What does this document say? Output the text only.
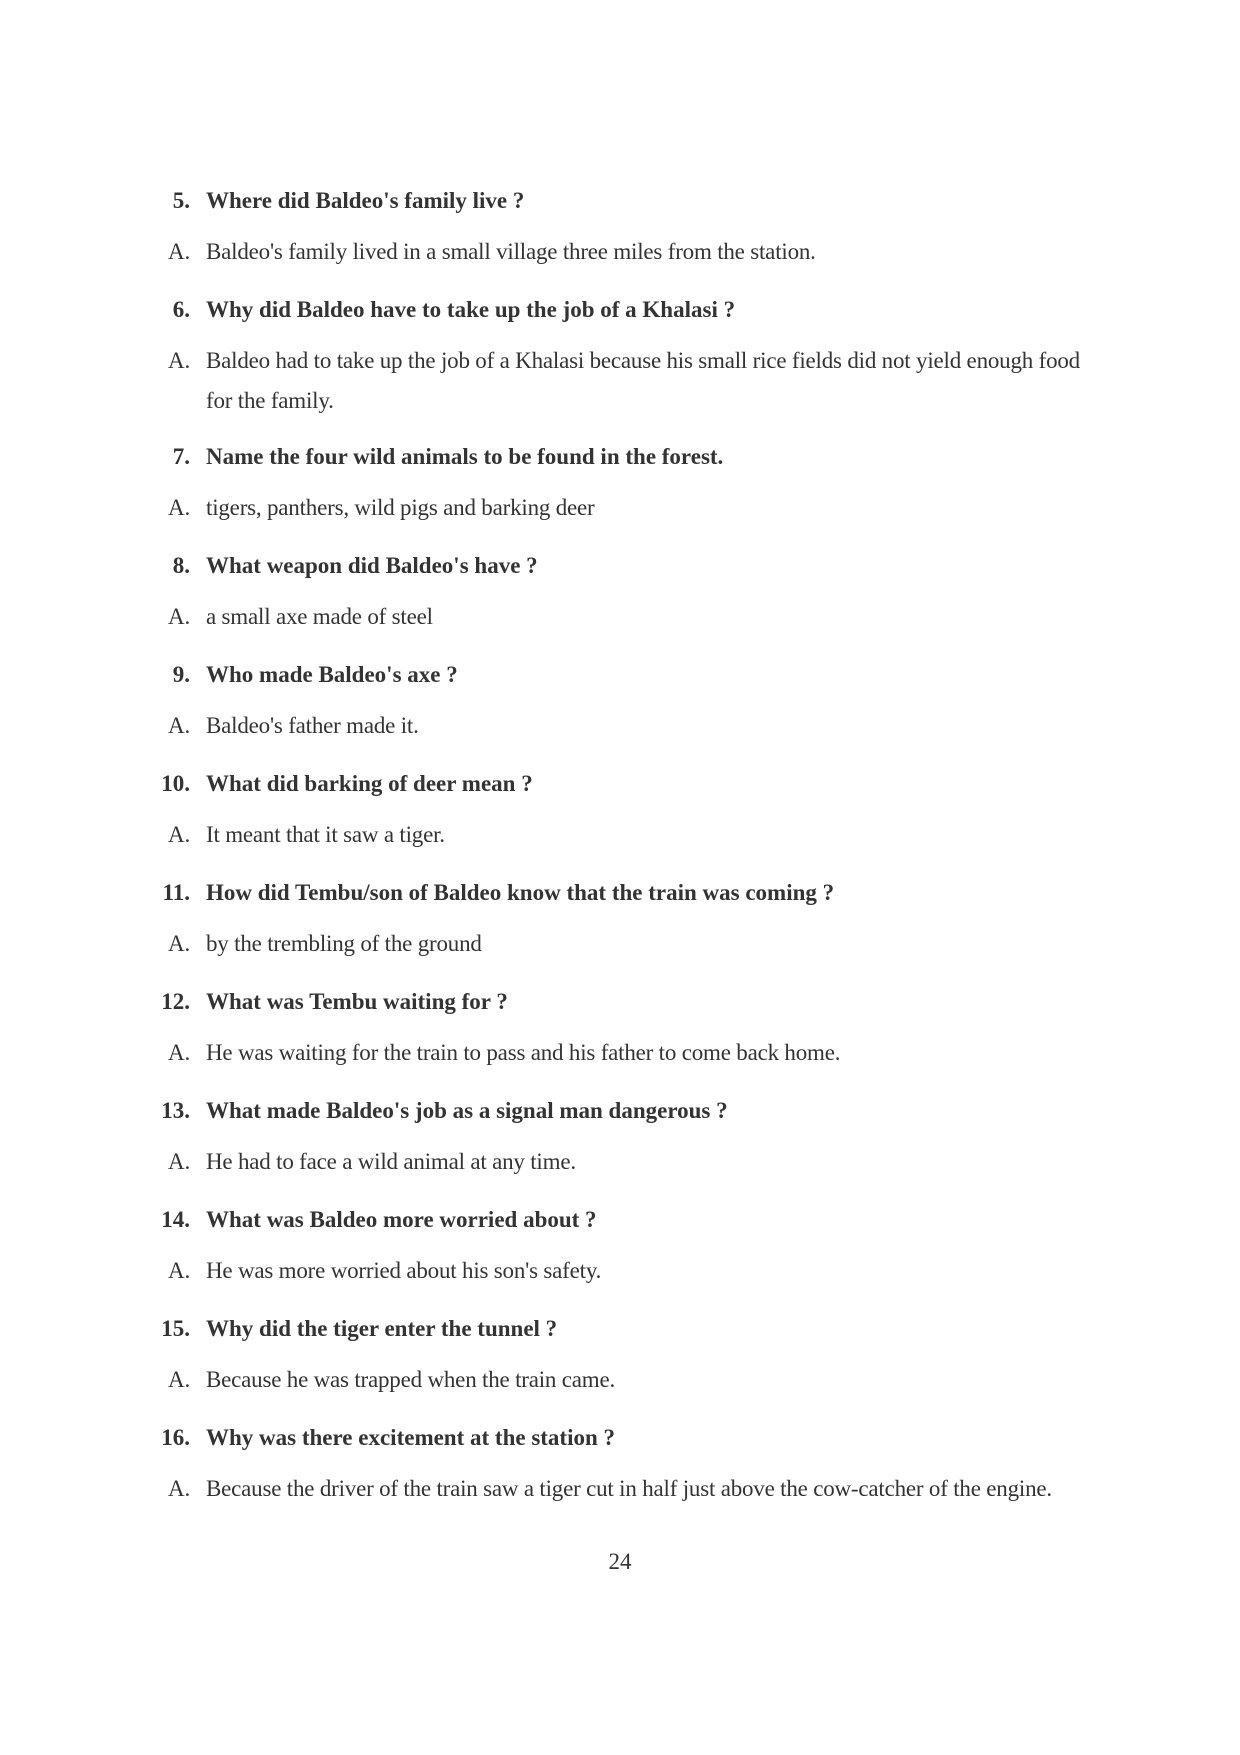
5. Where did Baldeo's family live ?
A. Baldeo's family lived in a small village three miles from the station.
6. Why did Baldeo have to take up the job of a Khalasi ?
A. Baldeo had to take up the job of a Khalasi because his small rice fields did not yield enough food for the family.
7. Name the four wild animals to be found in the forest.
A. tigers, panthers, wild pigs and barking deer
8. What weapon did Baldeo's have ?
A. a small axe made of steel
9. Who made Baldeo's axe ?
A. Baldeo's father made it.
10. What did barking of deer mean ?
A. It meant that it saw a tiger.
11. How did Tembu/son of Baldeo know that the train was coming ?
A. by the trembling of the ground
12. What was Tembu waiting for ?
A. He was waiting for the train to pass and his father to come back home.
13. What made Baldeo's job as a signal man dangerous ?
A. He had to face a wild animal at any time.
14. What was Baldeo more worried about ?
A. He was more worried about his son's safety.
15. Why did the tiger enter the tunnel ?
A. Because he was trapped when the train came.
16. Why was there excitement at the station ?
A. Because the driver of the train saw a tiger cut in half just above the cow-catcher of the engine.
24
